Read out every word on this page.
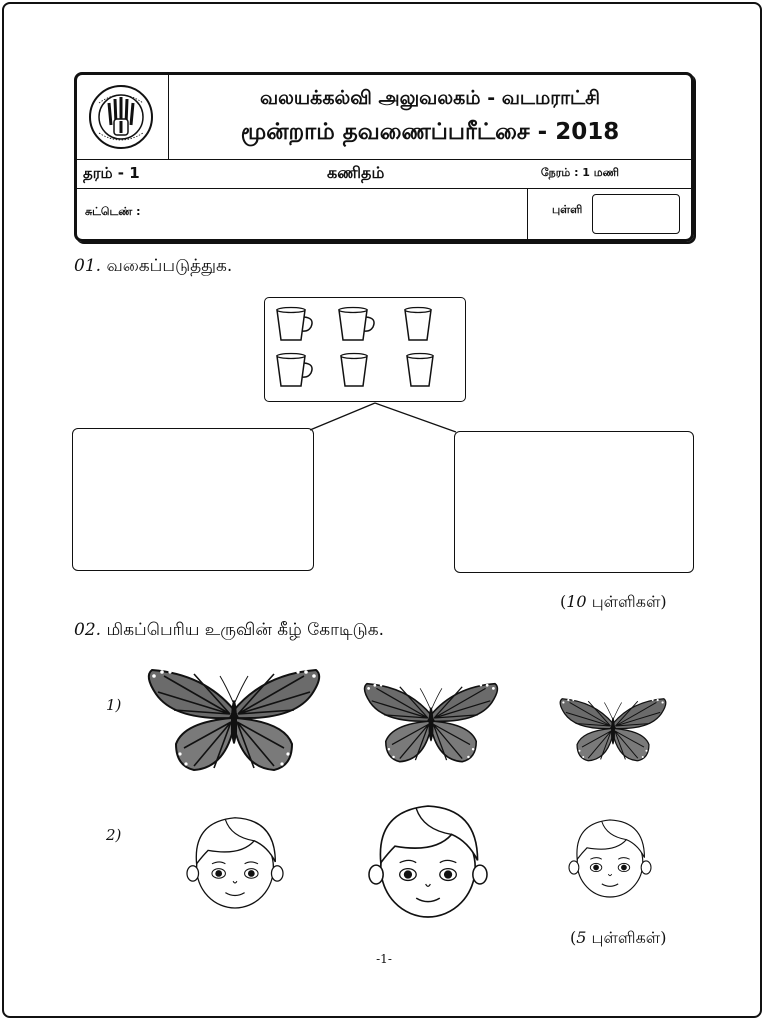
வலயக்கல்வி அலுவலகம் - வடமராட்சி
மூன்றாம் தவணைப்பரீட்சை - 2018
தரம் - 1	கணிதம்	நேரம் : 1 மணி
சுட்டெண் :	புள்ளி
01. வகைப்படுத்துக.
(10 புள்ளிகள்)
02. மிகப்பெரிய உருவின் கீழ் கோடிடுக.
1)
2)
(5 புள்ளிகள்)
-1-
